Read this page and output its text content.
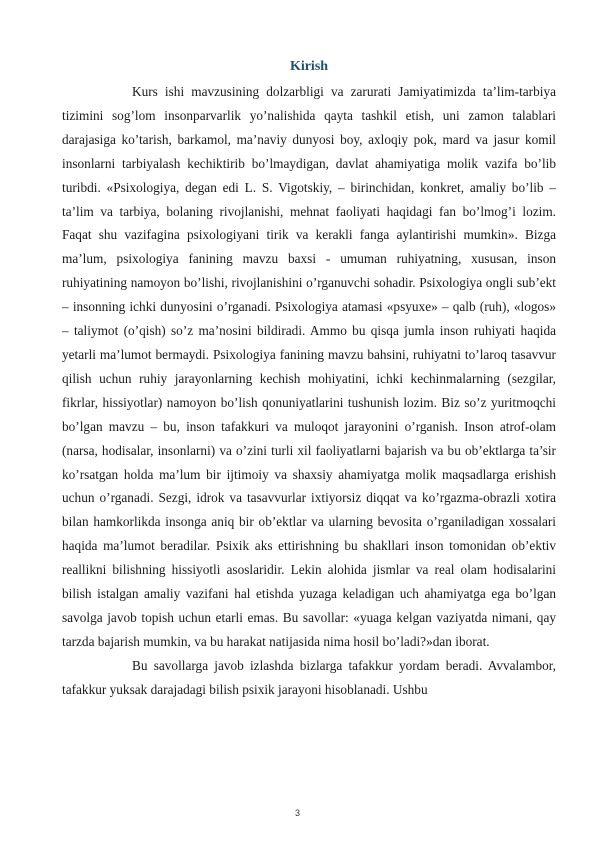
Kirish

Kurs ishi mavzusining dolzarbligi va zarurati Jamiyatimizda ta’lim-tarbiya tizimini sog’lom insonparvarlik yo’nalishida qayta tashkil etish, uni zamon talablari darajasiga ko’tarish, barkamol, ma’naviy dunyosi boy, axloqiy pok, mard va jasur komil insonlarni tarbiyalash kechiktirib bo’lmaydigan, davlat ahamiyatiga molik vazifa bo’lib turibdi. «Psixologiya, degan edi L. S. Vigotskiy, – birinchidan, konkret, amaliy bo’lib – ta’lim va tarbiya, bolaning rivojlanishi, mehnat faoliyati haqidagi fan bo’lmog’i lozim. Faqat shu vazifagina psixologiyani tirik va kerakli fanga aylantirishi mumkin». Bizga ma’lum, psixologiya fanining mavzu baxsi - umuman ruhiyatning, xususan, inson ruhiyatining namoyon bo’lishi, rivojlanishini o’rganuvchi sohadir. Psixologiya ongli sub’ekt – insonning ichki dunyosini o’rganadi. Psixologiya atamasi «psyuxe» – qalb (ruh), «logos» – taliymot (o’qish) so’z ma’nosini bildiradi. Ammo bu qisqa jumla inson ruhiyati haqida yetarli ma’lumot bermaydi. Psixologiya fanining mavzu bahsini, ruhiyatni to’laroq tasavvur qilish uchun ruhiy jarayonlarning kechish mohiyatini, ichki kechinmalarning (sezgilar, fikrlar, hissiyotlar) namoyon bo’lish qonuniyatlarini tushunish lozim. Biz so’z yuritmoqchi bo’lgan mavzu – bu, inson tafakkuri va muloqot jarayonini o’rganish. Inson atrof-olam (narsa, hodisalar, insonlarni) va o’zini turli xil faoliyatlarni bajarish va bu ob’ektlarga ta’sir ko’rsatgan holda ma’lum bir ijtimoiy va shaxsiy ahamiyatga molik maqsadlarga erishish uchun o’rganadi. Sezgi, idrok va tasavvurlar ixtiyorsiz diqqat va ko’rgazma-obrazli xotira bilan hamkorlikda insonga aniq bir ob’ektlar va ularning bevosita o’rganiladigan xossalari haqida ma’lumot beradilar. Psixik aks ettirishning bu shakllari inson tomonidan ob’ektiv reallikni bilishning hissiyotli asoslaridir. Lekin alohida jismlar va real olam hodisalarini bilish istalgan amaliy vazifani hal etishda yuzaga keladigan uch ahamiyatga ega bo’lgan savolga javob topish uchun etarli emas. Bu savollar: «yuaga kelgan vaziyatda nimani, qay tarzda bajarish mumkin, va bu harakat natijasida nima hosil bo’ladi?»dan iborat.

Bu savollarga javob izlashda bizlarga tafakkur yordam beradi. Avvalambor, tafakkur yuksak darajadagi bilish psixik jarayoni hisoblanadi. Ushbu

3
